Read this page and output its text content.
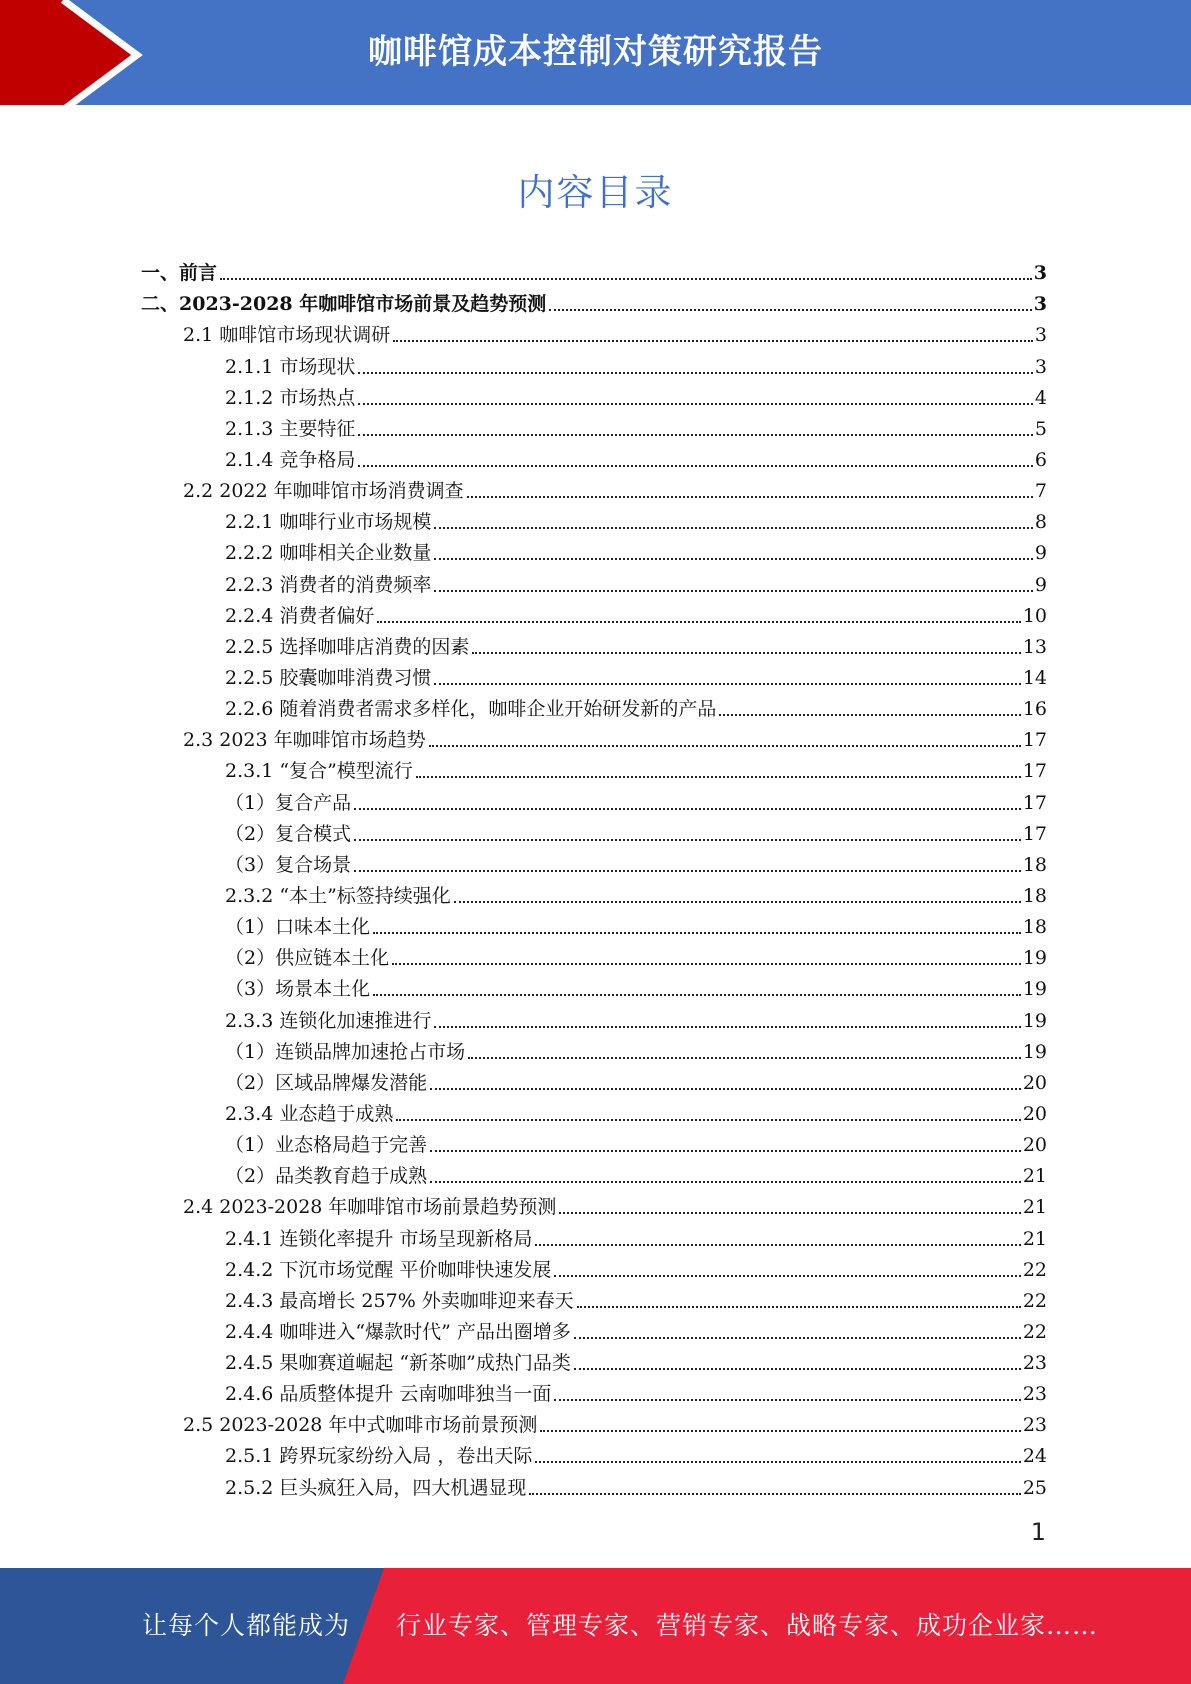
咖啡馆成本控制对策研究报告
内容目录
一、前言	3
二、2023-2028 年咖啡馆市场前景及趋势预测	3
2.1 咖啡馆市场现状调研	3
2.1.1 市场现状	3
2.1.2 市场热点	4
2.1.3 主要特征	5
2.1.4 竞争格局	6
2.2 2022 年咖啡馆市场消费调查	7
2.2.1 咖啡行业市场规模	8
2.2.2 咖啡相关企业数量	9
2.2.3 消费者的消费频率	9
2.2.4 消费者偏好	10
2.2.5 选择咖啡店消费的因素	13
2.2.5 胶囊咖啡消费习惯	14
2.2.6 随着消费者需求多样化，咖啡企业开始研发新的产品	16
2.3 2023 年咖啡馆市场趋势	17
2.3.1 “复合”模型流行	17
（1）复合产品	17
（2）复合模式	17
（3）复合场景	18
2.3.2 “本土”标签持续强化	18
（1）口味本土化	18
（2）供应链本土化	19
（3）场景本土化	19
2.3.3 连锁化加速推进行	19
（1）连锁品牌加速抢占市场	19
（2）区域品牌爆发潜能	20
2.3.4 业态趋于成熟	20
（1）业态格局趋于完善	20
（2）品类教育趋于成熟	21
2.4 2023-2028 年咖啡馆市场前景趋势预测	21
2.4.1 连锁化率提升 市场呈现新格局	21
2.4.2 下沉市场觉醒 平价咖啡快速发展	22
2.4.3 最高增长 257% 外卖咖啡迎来春天	22
2.4.4 咖啡进入“爆款时代” 产品出圈增多	22
2.4.5 果咖赛道崛起 “新茶咖”成热门品类	23
2.4.6 品质整体提升 云南咖啡独当一面	23
2.5 2023-2028 年中式咖啡市场前景预测	23
2.5.1 跨界玩家纷纷入局 ，卷出天际	24
2.5.2 巨头疯狂入局，四大机遇显现	25
1
让每个人都能成为 行业专家、管理专家、营销专家、战略专家、成功企业家……
